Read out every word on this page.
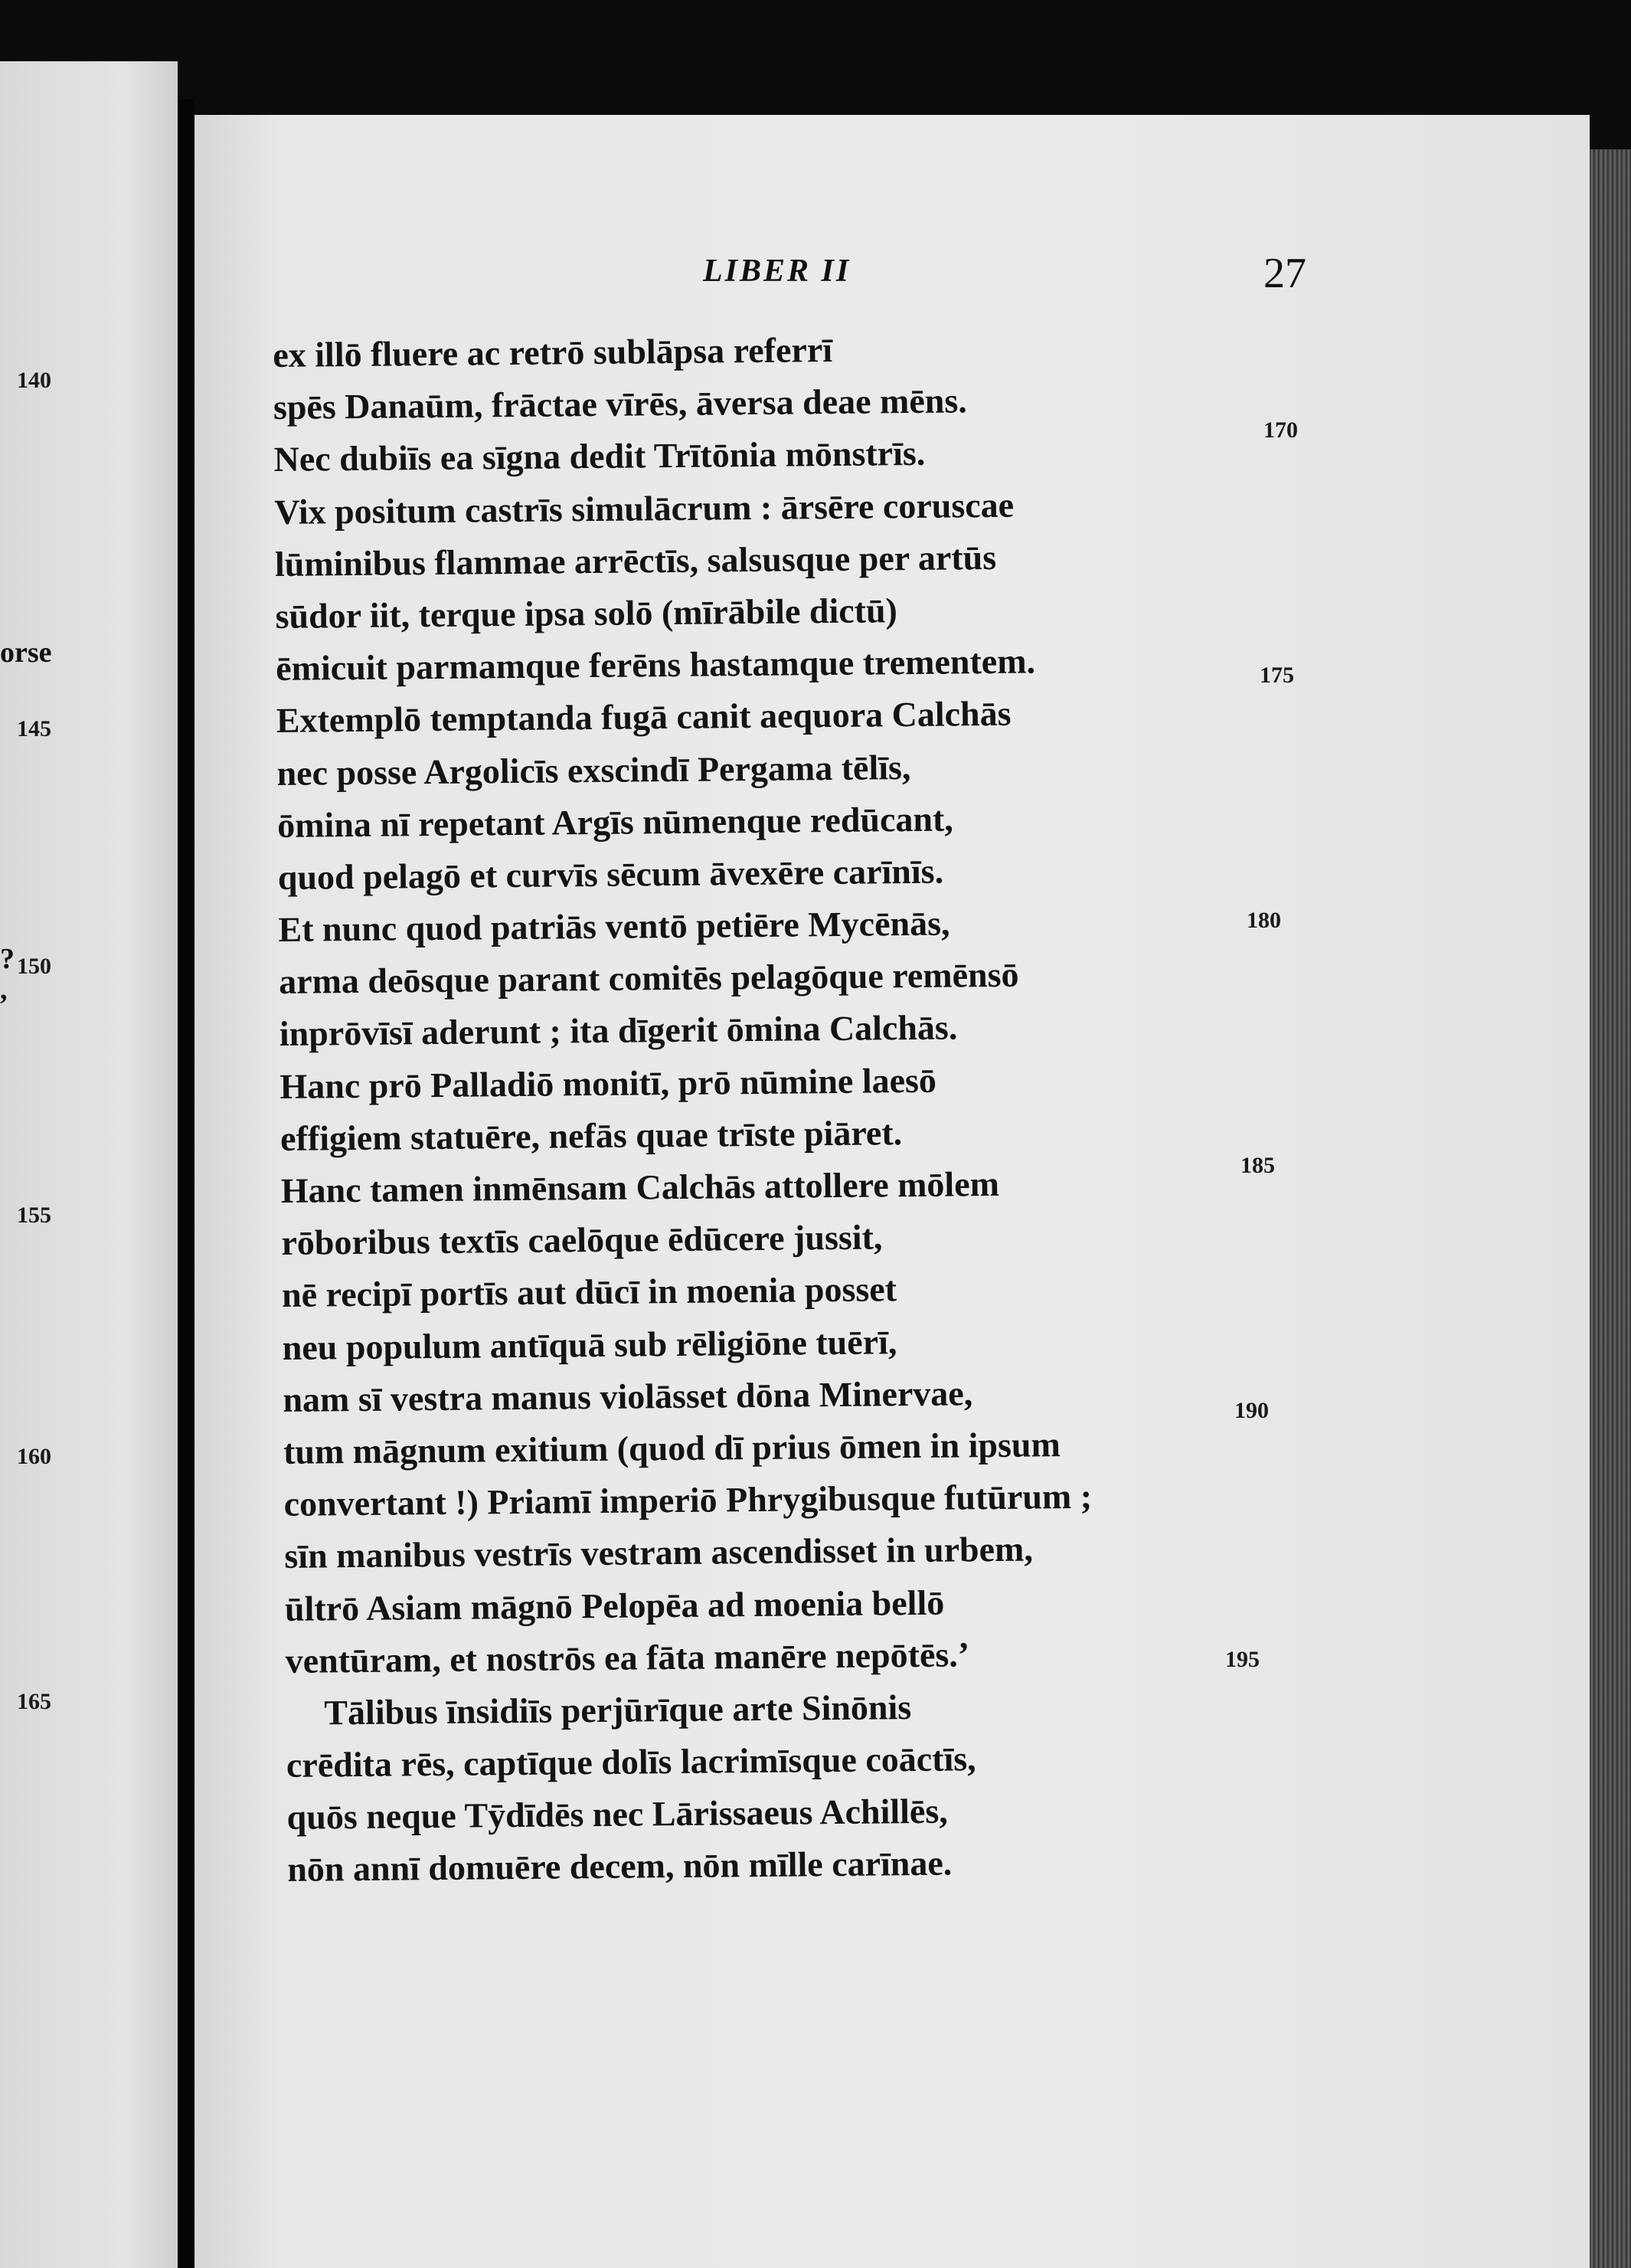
140
145
150
155
160
165
orse
?
,
LIBER II	27
ex illō fluere ac retrō sublāpsa referrī
spēs Danaūm, frāctae vīrēs, āversa deae mēns.
Nec dubiīs ea sīgna dedit Trītōnia mōnstrīs.
Vix positum castrīs simulācrum : ārsēre coruscae
lūminibus flammae arrēctīs, salsusque per artūs
sūdor iit, terque ipsa solō (mīrābile dictū)
ēmicuit parmamque ferēns hastamque trementem.
Extemplō temptanda fugā canit aequora Calchās
nec posse Argolicīs exscindī Pergama tēlīs,
ōmina nī repetant Argīs nūmenque redūcant,
quod pelagō et curvīs sēcum āvexēre carīnīs.
Et nunc quod patriās ventō petiēre Mycēnās,
arma deōsque parant comitēs pelagōque remēnsō
inprōvīsī aderunt ; ita dīgerit ōmina Calchās.
Hanc prō Palladiō monitī, prō nūmine laesō
effigiem statuēre, nefās quae trīste piāret.
Hanc tamen inmēnsam Calchās attollere mōlem
rōboribus textīs caelōque ēdūcere jussit,
nē recipī portīs aut dūcī in moenia posset
neu populum antīquā sub rēligiōne tuērī,
nam sī vestra manus violāsset dōna Minervae,
tum māgnum exitium (quod dī prius ōmen in ipsum
convertant !) Priamī imperiō Phrygibusque futūrum ;
sīn manibus vestrīs vestram ascendisset in urbem,
ūltrō Asiam māgnō Pelopēa ad moenia bellō
ventūram, et nostrōs ea fāta manēre nepōtēs.’
Tālibus īnsidiīs perjūrīque arte Sinōnis
crēdita rēs, captīque dolīs lacrimīsque coāctīs,
quōs neque Tȳdīdēs nec Lārissaeus Achillēs,
nōn annī domuēre decem, nōn mīlle carīnae.
170
175
180
185
190
195
